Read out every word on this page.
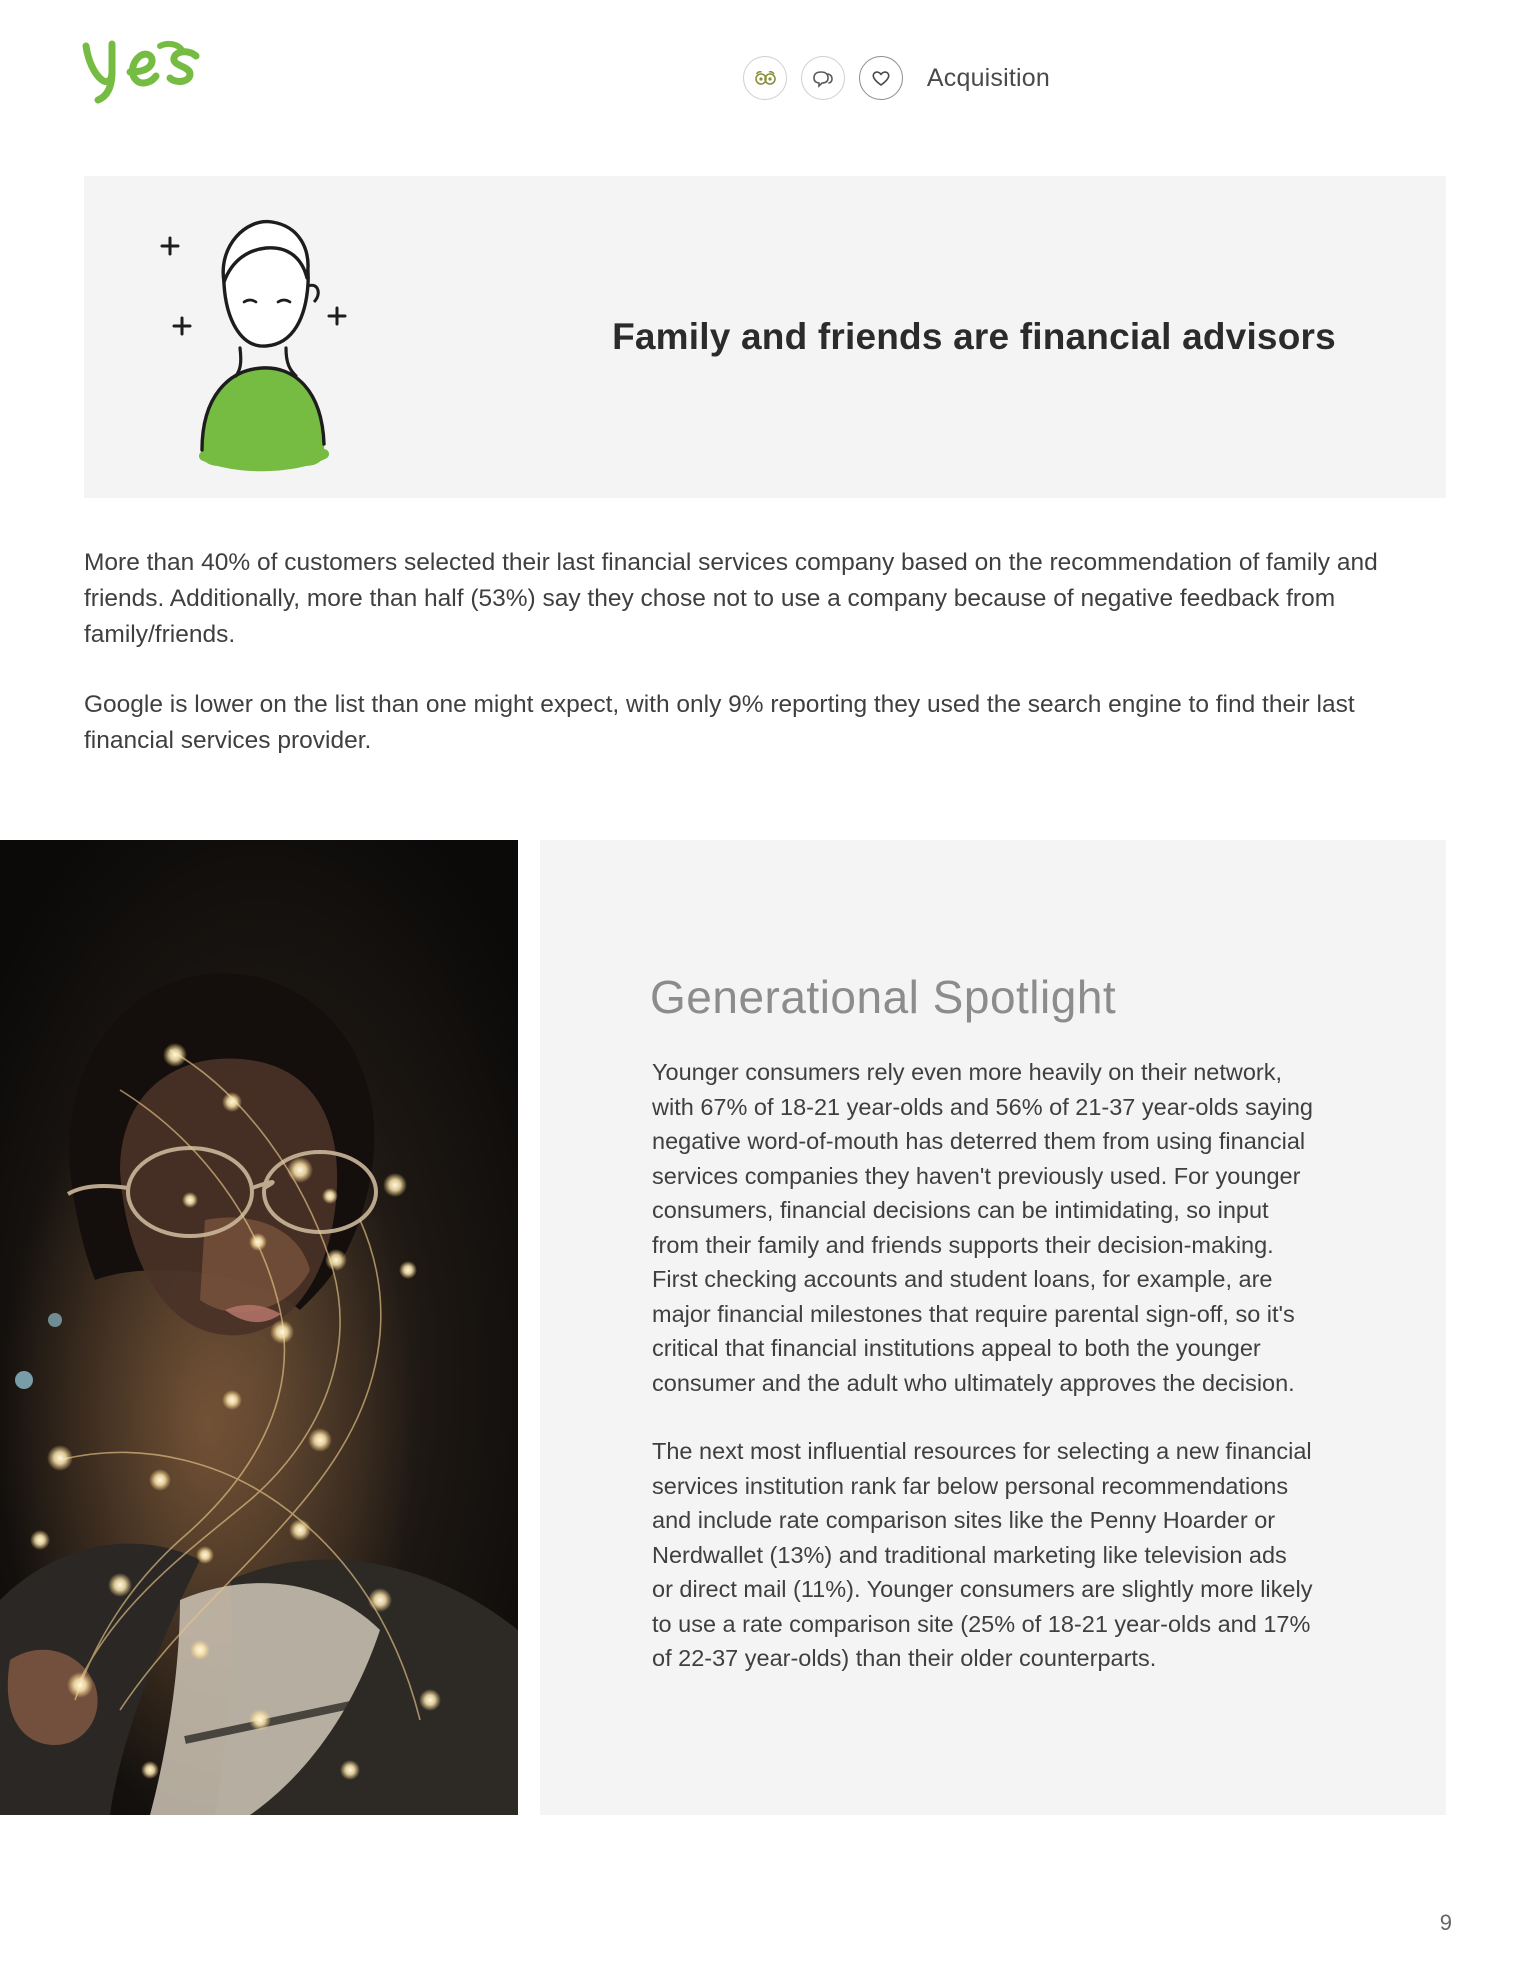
Acquisition
Family and friends are financial advisors

More than 40% of customers selected their last financial services company based on the recommendation of family and friends. Additionally, more than half (53%) say they chose not to use a company because of negative feedback from family/friends.

Google is lower on the list than one might expect, with only 9% reporting they used the search engine to find their last financial services provider.

Generational Spotlight

Younger consumers rely even more heavily on their network, with 67% of 18-21 year-olds and 56% of 21-37 year-olds saying negative word-of-mouth has deterred them from using financial services companies they haven't previously used. For younger consumers, financial decisions can be intimidating, so input from their family and friends supports their decision-making. First checking accounts and student loans, for example, are major financial milestones that require parental sign-off, so it's critical that financial institutions appeal to both the younger consumer and the adult who ultimately approves the decision.

The next most influential resources for selecting a new financial services institution rank far below personal recommendations and include rate comparison sites like the Penny Hoarder or Nerdwallet (13%) and traditional marketing like television ads or direct mail (11%). Younger consumers are slightly more likely to use a rate comparison site (25% of 18-21 year-olds and 17% of 22-37 year-olds) than their older counterparts.

9
